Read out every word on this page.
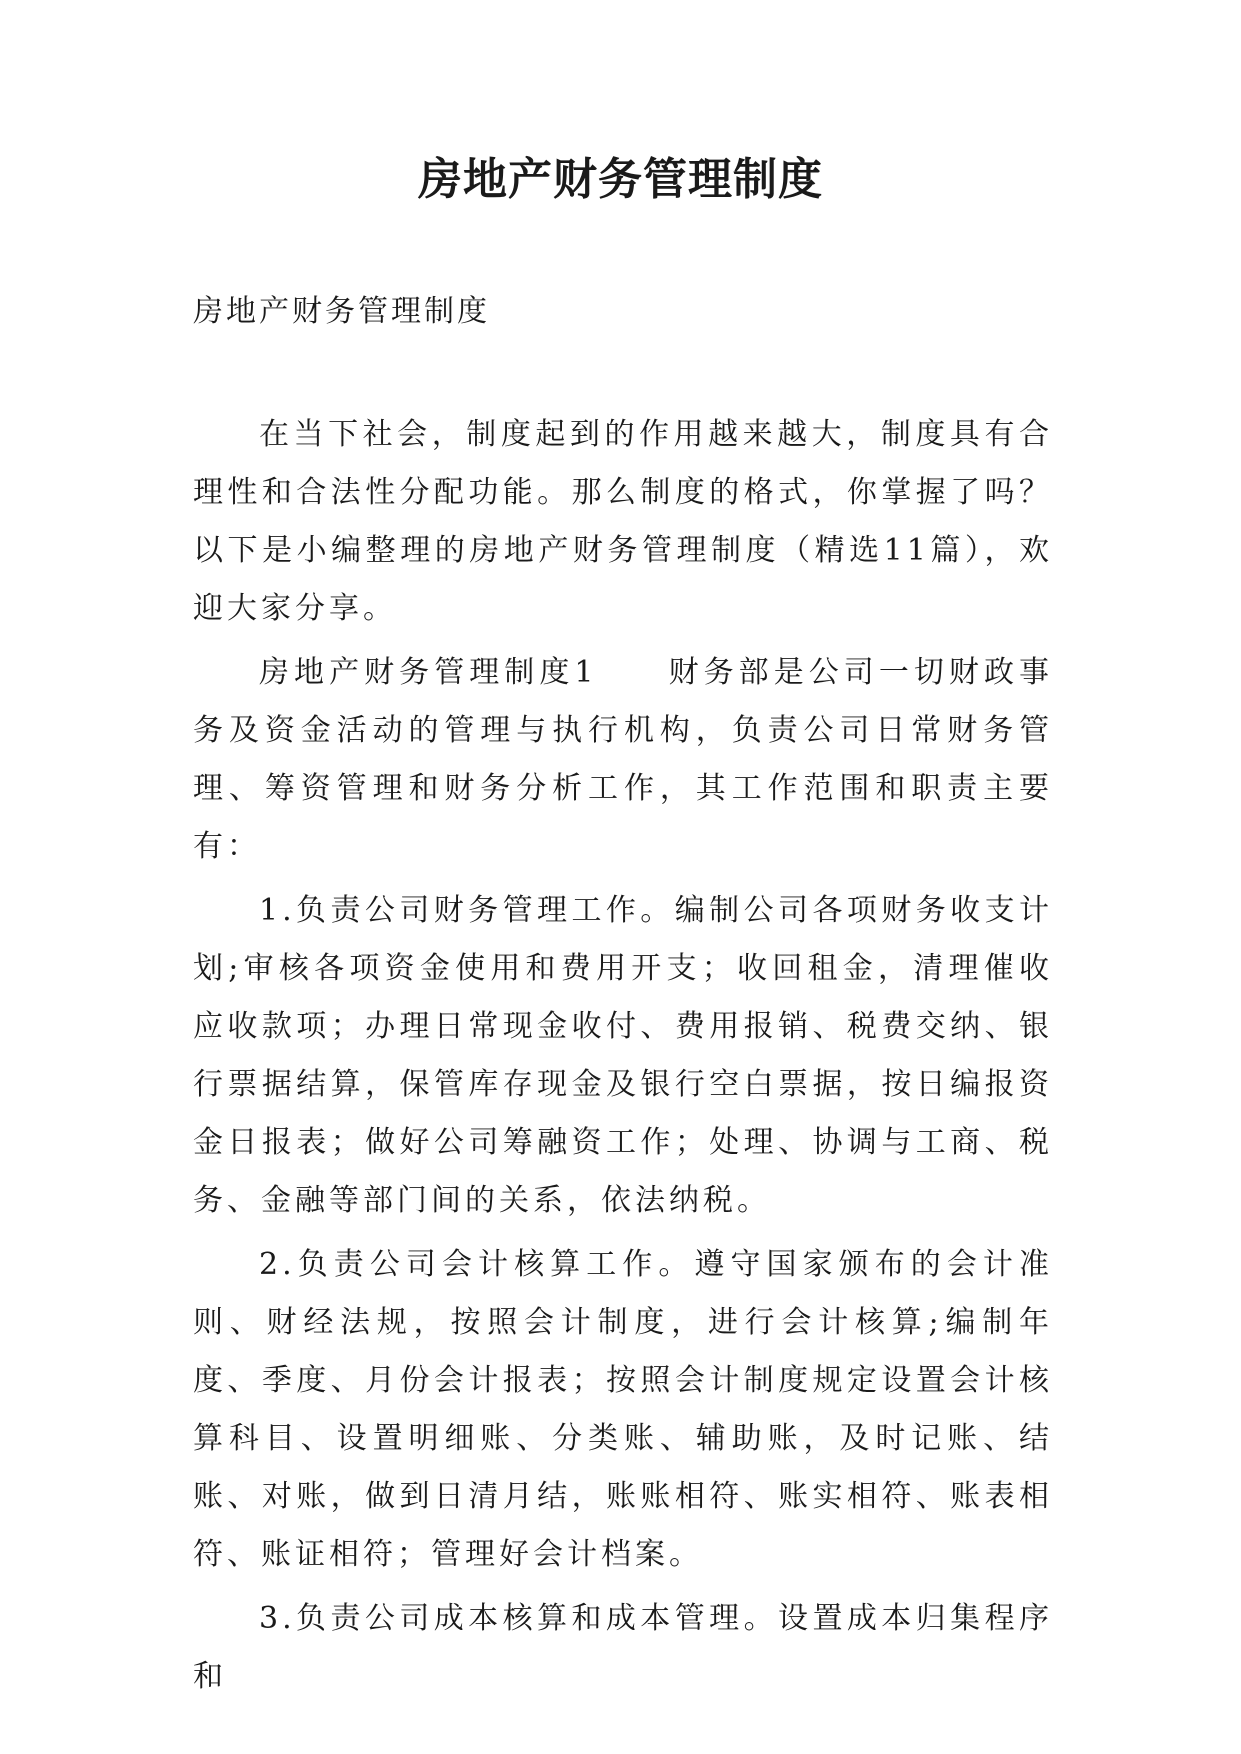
房地产财务管理制度

房地产财务管理制度

在当下社会，制度起到的作用越来越大，制度具有合理性和合法性分配功能。那么制度的格式，你掌握了吗？以下是小编整理的房地产财务管理制度（精选11篇），欢迎大家分享。

房地产财务管理制度1　　财务部是公司一切财政事务及资金活动的管理与执行机构，负责公司日常财务管理、筹资管理和财务分析工作，其工作范围和职责主要有：

1.负责公司财务管理工作。编制公司各项财务收支计划;审核各项资金使用和费用开支；收回租金，清理催收应收款项；办理日常现金收付、费用报销、税费交纳、银行票据结算，保管库存现金及银行空白票据，按日编报资金日报表；做好公司筹融资工作；处理、协调与工商、税务、金融等部门间的关系，依法纳税。

2.负责公司会计核算工作。遵守国家颁布的会计准则、财经法规，按照会计制度，进行会计核算;编制年度、季度、月份会计报表；按照会计制度规定设置会计核算科目、设置明细账、分类账、辅助账，及时记账、结账、对账，做到日清月结，账账相符、账实相符、账表相符、账证相符；管理好会计档案。

3.负责公司成本核算和成本管理。设置成本归集程序和
